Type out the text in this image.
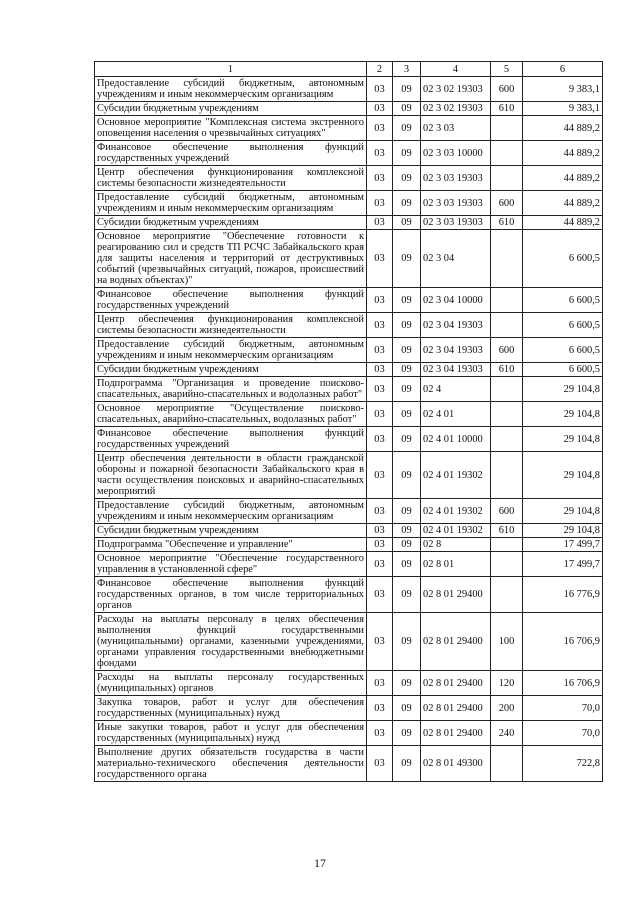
1	2	3	4	5	6
Предоставление субсидий бюджетным, автономным учреждениям и иным некоммерческим организациям	03	09	02 3 02 19303	600	9 383,1
Субсидии бюджетным учреждениям	03	09	02 3 02 19303	610	9 383,1
Основное мероприятие "Комплексная система экстренного оповещения населения о чрезвычайных ситуациях"	03	09	02 3 03		44 889,2
Финансовое обеспечение выполнения функций государственных учреждений	03	09	02 3 03 10000		44 889,2
Центр обеспечения функционирования комплексной системы безопасности жизнедеятельности	03	09	02 3 03 19303		44 889,2
Предоставление субсидий бюджетным, автономным учреждениям и иным некоммерческим организациям	03	09	02 3 03 19303	600	44 889,2
Субсидии бюджетным учреждениям	03	09	02 3 03 19303	610	44 889,2
Основное мероприятие "Обеспечение готовности к реагированию сил и средств ТП РСЧС Забайкальского края для защиты населения и территорий от деструктивных событий (чрезвычайных ситуаций, пожаров, происшествий на водных объектах)"	03	09	02 3 04		6 600,5
Финансовое обеспечение выполнения функций государственных учреждений	03	09	02 3 04 10000		6 600,5
Центр обеспечения функционирования комплексной системы безопасности жизнедеятельности	03	09	02 3 04 19303		6 600,5
Предоставление субсидий бюджетным, автономным учреждениям и иным некоммерческим организациям	03	09	02 3 04 19303	600	6 600,5
Субсидии бюджетным учреждениям	03	09	02 3 04 19303	610	6 600,5
Подпрограмма "Организация и проведение поисково-спасательных, аварийно-спасательных и водолазных работ"	03	09	02 4		29 104,8
Основное мероприятие "Осуществление поисково-спасательных, аварийно-спасательных, водолазных работ"	03	09	02 4 01		29 104,8
Финансовое обеспечение выполнения функций государственных учреждений	03	09	02 4 01 10000		29 104,8
Центр обеспечения деятельности в области гражданской обороны и пожарной безопасности Забайкальского края в части осуществления поисковых и аварийно-спасательных мероприятий	03	09	02 4 01 19302		29 104,8
Предоставление субсидий бюджетным, автономным учреждениям и иным некоммерческим организациям	03	09	02 4 01 19302	600	29 104,8
Субсидии бюджетным учреждениям	03	09	02 4 01 19302	610	29 104,8
Подпрограмма "Обеспечение и управление"	03	09	02 8		17 499,7
Основное мероприятие "Обеспечение государственного управления в установленной сфере"	03	09	02 8 01		17 499,7
Финансовое обеспечение выполнения функций государственных органов, в том числе территориальных органов	03	09	02 8 01 29400		16 776,9
Расходы на выплаты персоналу в целях обеспечения выполнения функций государственными (муниципальными) органами, казенными учреждениями, органами управления государственными внебюджетными фондами	03	09	02 8 01 29400	100	16 706,9
Расходы на выплаты персоналу государственных (муниципальных) органов	03	09	02 8 01 29400	120	16 706,9
Закупка товаров, работ и услуг для обеспечения государственных (муниципальных) нужд	03	09	02 8 01 29400	200	70,0
Иные закупки товаров, работ и услуг для обеспечения государственных (муниципальных) нужд	03	09	02 8 01 29400	240	70,0
Выполнение других обязательств государства в части материально-технического обеспечения деятельности государственного органа	03	09	02 8 01 49300		722,8
17
